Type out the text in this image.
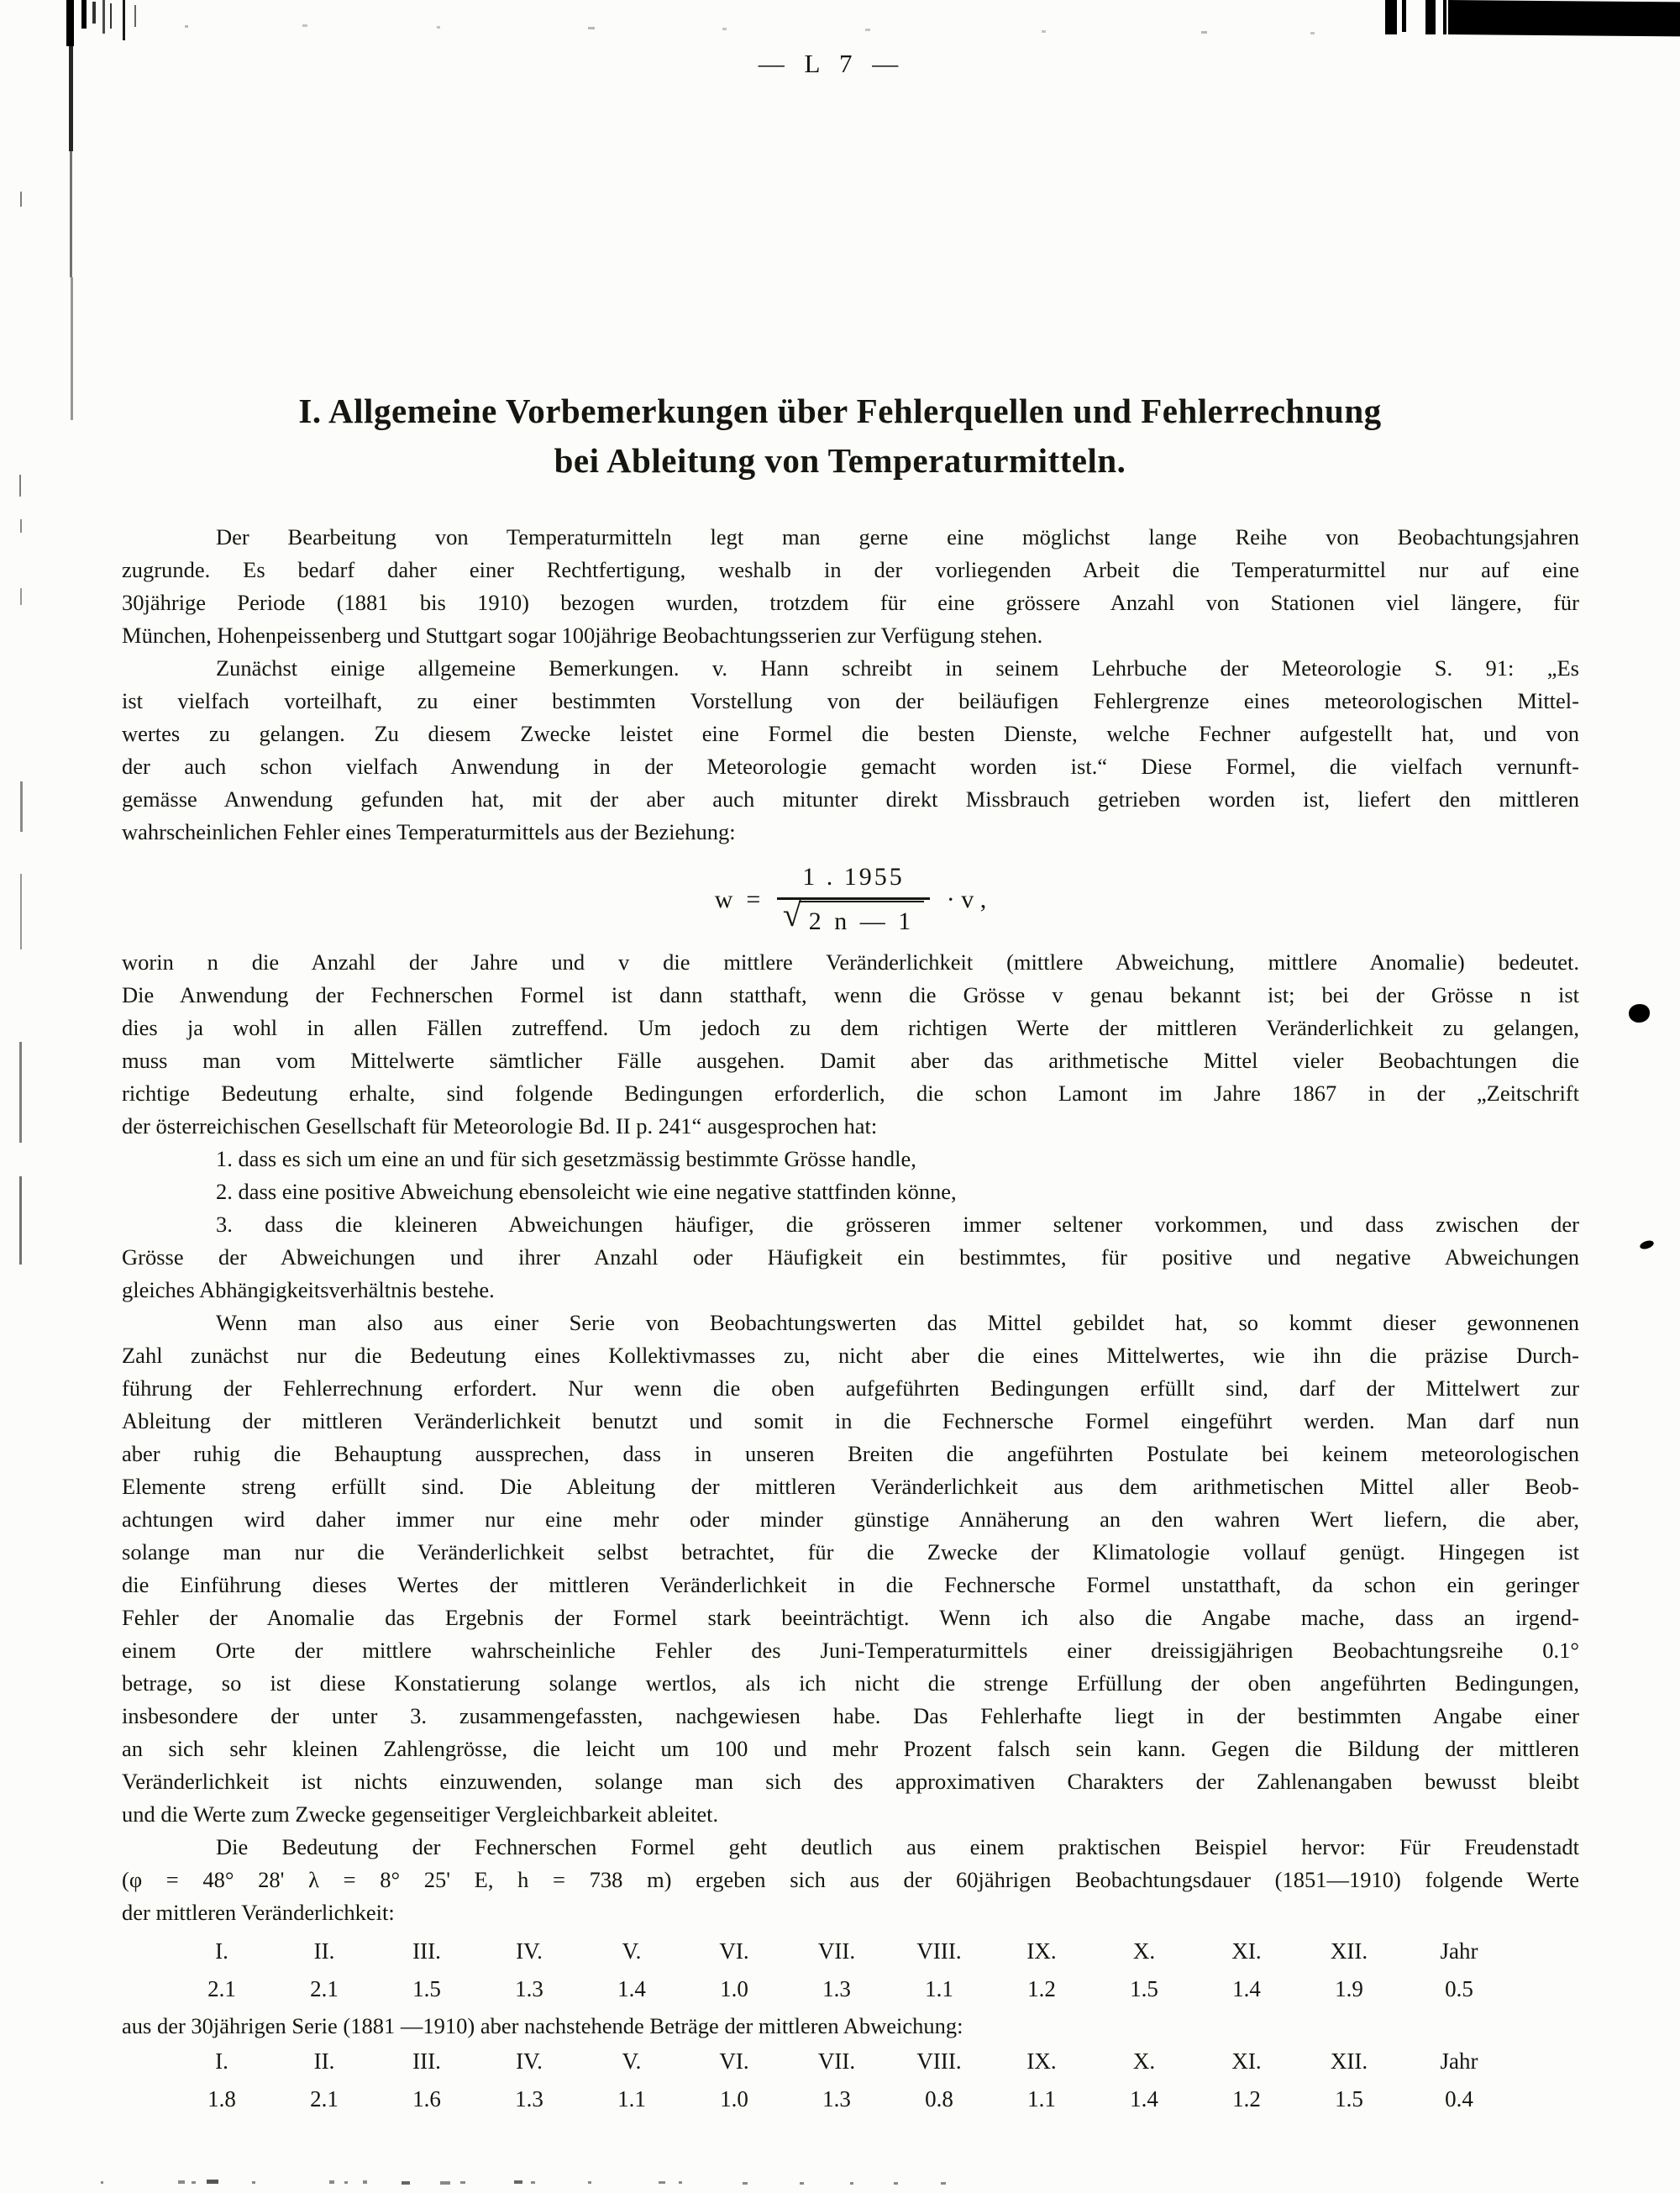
— L 7 —
I. Allgemeine Vorbemerkungen über Fehlerquellen und Fehlerrechnung
bei Ableitung von Temperaturmitteln.
Der Bearbeitung von Temperaturmitteln legt man gerne eine möglichst lange Reihe von Beobachtungsjahren
zugrunde. Es bedarf daher einer Rechtfertigung, weshalb in der vorliegenden Arbeit die Temperaturmittel nur auf eine
30jährige Periode (1881 bis 1910) bezogen wurden, trotzdem für eine grössere Anzahl von Stationen viel längere, für
München, Hohenpeissenberg und Stuttgart sogar 100jährige Beobachtungsserien zur Verfügung stehen.
Zunächst einige allgemeine Bemerkungen. v. Hann schreibt in seinem Lehrbuche der Meteorologie S. 91: „Es
ist vielfach vorteilhaft, zu einer bestimmten Vorstellung von der beiläufigen Fehlergrenze eines meteorologischen Mittel-
wertes zu gelangen. Zu diesem Zwecke leistet eine Formel die besten Dienste, welche Fechner aufgestellt hat, und von
der auch schon vielfach Anwendung in der Meteorologie gemacht worden ist.“ Diese Formel, die vielfach vernunft-
gemässe Anwendung gefunden hat, mit der aber auch mitunter direkt Missbrauch getrieben worden ist, liefert den mittleren
wahrscheinlichen Fehler eines Temperaturmittels aus der Beziehung:
$w = \frac{1 . 1955}{√ 2 n — 1} \cdot v$ ,
worin n die Anzahl der Jahre und v die mittlere Veränderlichkeit (mittlere Abweichung, mittlere Anomalie) bedeutet.
Die Anwendung der Fechnerschen Formel ist dann statthaft, wenn die Grösse v genau bekannt ist; bei der Grösse n ist
dies ja wohl in allen Fällen zutreffend. Um jedoch zu dem richtigen Werte der mittleren Veränderlichkeit zu gelangen,
muss man vom Mittelwerte sämtlicher Fälle ausgehen. Damit aber das arithmetische Mittel vieler Beobachtungen die
richtige Bedeutung erhalte, sind folgende Bedingungen erforderlich, die schon Lamont im Jahre 1867 in der „Zeitschrift
der österreichischen Gesellschaft für Meteorologie Bd. II p. 241“ ausgesprochen hat:
1. dass es sich um eine an und für sich gesetzmässig bestimmte Grösse handle,
2. dass eine positive Abweichung ebensoleicht wie eine negative stattfinden könne,
3. dass die kleineren Abweichungen häufiger, die grösseren immer seltener vorkommen, und dass zwischen der
Grösse der Abweichungen und ihrer Anzahl oder Häufigkeit ein bestimmtes, für positive und negative Abweichungen
gleiches Abhängigkeitsverhältnis bestehe.
Wenn man also aus einer Serie von Beobachtungswerten das Mittel gebildet hat, so kommt dieser gewonnenen
Zahl zunächst nur die Bedeutung eines Kollektivmasses zu, nicht aber die eines Mittelwertes, wie ihn die präzise Durch-
führung der Fehlerrechnung erfordert. Nur wenn die oben aufgeführten Bedingungen erfüllt sind, darf der Mittelwert zur
Ableitung der mittleren Veränderlichkeit benutzt und somit in die Fechnersche Formel eingeführt werden. Man darf nun
aber ruhig die Behauptung aussprechen, dass in unseren Breiten die angeführten Postulate bei keinem meteorologischen
Elemente streng erfüllt sind. Die Ableitung der mittleren Veränderlichkeit aus dem arithmetischen Mittel aller Beob-
achtungen wird daher immer nur eine mehr oder minder günstige Annäherung an den wahren Wert liefern, die aber,
solange man nur die Veränderlichkeit selbst betrachtet, für die Zwecke der Klimatologie vollauf genügt. Hingegen ist
die Einführung dieses Wertes der mittleren Veränderlichkeit in die Fechnersche Formel unstatthaft, da schon ein geringer
Fehler der Anomalie das Ergebnis der Formel stark beeinträchtigt. Wenn ich also die Angabe mache, dass an irgend-
einem Orte der mittlere wahrscheinliche Fehler des Juni-Temperaturmittels einer dreissigjährigen Beobachtungsreihe 0.1°
betrage, so ist diese Konstatierung solange wertlos, als ich nicht die strenge Erfüllung der oben angeführten Bedingungen,
insbesondere der unter 3. zusammengefassten, nachgewiesen habe. Das Fehlerhafte liegt in der bestimmten Angabe einer
an sich sehr kleinen Zahlengrösse, die leicht um 100 und mehr Prozent falsch sein kann. Gegen die Bildung der mittleren
Veränderlichkeit ist nichts einzuwenden, solange man sich des approximativen Charakters der Zahlenangaben bewusst bleibt
und die Werte zum Zwecke gegenseitiger Vergleichbarkeit ableitet.
Die Bedeutung der Fechnerschen Formel geht deutlich aus einem praktischen Beispiel hervor: Für Freudenstadt
(φ = 48° 28' λ = 8° 25' E, h = 738 m) ergeben sich aus der 60jährigen Beobachtungsdauer (1851—1910) folgende Werte
der mittleren Veränderlichkeit:
I.	II.	III.	IV.	V.	VI.	VII.	VIII.	IX.	X.	XI.	XII.	Jahr
2.1	2.1	1.5	1.3	1.4	1.0	1.3	1.1	1.2	1.5	1.4	1.9	0.5
aus der 30jährigen Serie (1881 —1910) aber nachstehende Beträge der mittleren Abweichung:
I.	II.	III.	IV.	V.	VI.	VII.	VIII.	IX.	X.	XI.	XII.	Jahr
1.8	2.1	1.6	1.3	1.1	1.0	1.3	0.8	1.1	1.4	1.2	1.5	0.4
